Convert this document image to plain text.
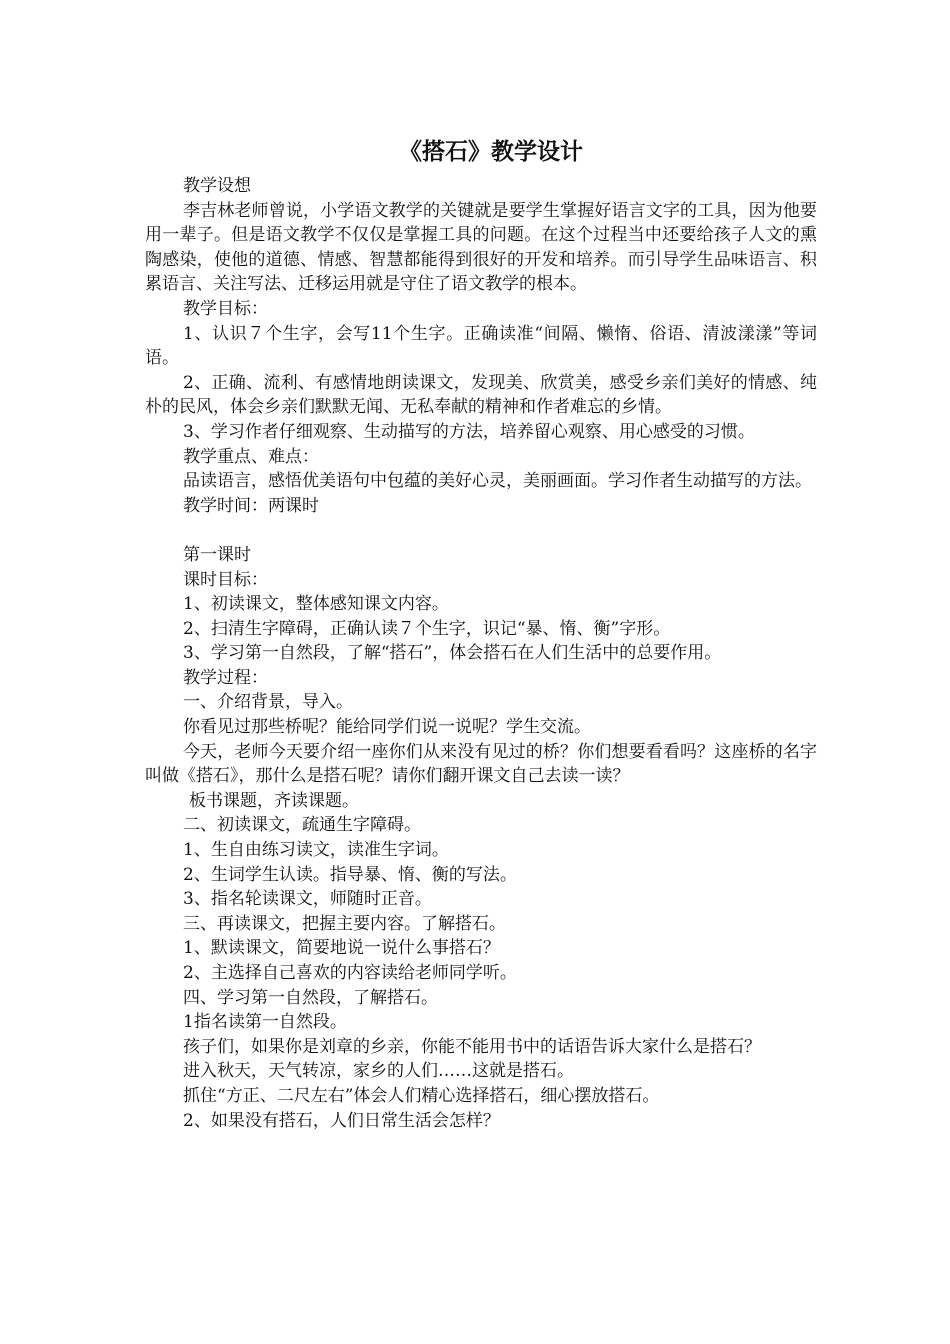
《搭石》教学设计

教学设想

李吉林老师曾说，小学语文教学的关键就是要学生掌握好语言文字的工具，因为他要用一辈子。但是语文教学不仅仅是掌握工具的问题。在这个过程当中还要给孩子人文的熏陶感染，使他的道德、情感、智慧都能得到很好的开发和培养。而引导学生品味语言、积累语言、关注写法、迁移运用就是守住了语文教学的根本。

教学目标：

1、认识７个生字，会写11个生字。正确读准“间隔、懒惰、俗语、清波漾漾”等词语。

2、正确、流利、有感情地朗读课文，发现美、欣赏美，感受乡亲们美好的情感、纯朴的民风，体会乡亲们默默无闻、无私奉献的精神和作者难忘的乡情。

3、学习作者仔细观察、生动描写的方法，培养留心观察、用心感受的习惯。

教学重点、难点：

品读语言，感悟优美语句中包蕴的美好心灵，美丽画面。学习作者生动描写的方法。

教学时间：两课时

第一课时

课时目标：

1、初读课文，整体感知课文内容。

2、扫清生字障碍，正确认读７个生字，识记“暴、惰、衡”字形。

3、学习第一自然段，了解“搭石”，体会搭石在人们生活中的总要作用。

教学过程：

一、介绍背景，导入。

你看见过那些桥呢？能给同学们说一说呢？学生交流。

今天，老师今天要介绍一座你们从来没有见过的桥？你们想要看看吗？这座桥的名字叫做《搭石》，那什么是搭石呢？请你们翻开课文自己去读一读？

板书课题，齐读课题。

二、初读课文，疏通生字障碍。

1、生自由练习读文，读准生字词。

2、生词学生认读。指导暴、惰、衡的写法。

3、指名轮读课文，师随时正音。

三、再读课文，把握主要内容。了解搭石。

1、默读课文，简要地说一说什么事搭石？

2、主选择自己喜欢的内容读给老师同学听。

四、学习第一自然段，了解搭石。

1指名读第一自然段。

孩子们，如果你是刘章的乡亲，你能不能用书中的话语告诉大家什么是搭石？

进入秋天，天气转凉，家乡的人们……这就是搭石。

抓住“方正、二尺左右”体会人们精心选择搭石，细心摆放搭石。

2、如果没有搭石，人们日常生活会怎样？
